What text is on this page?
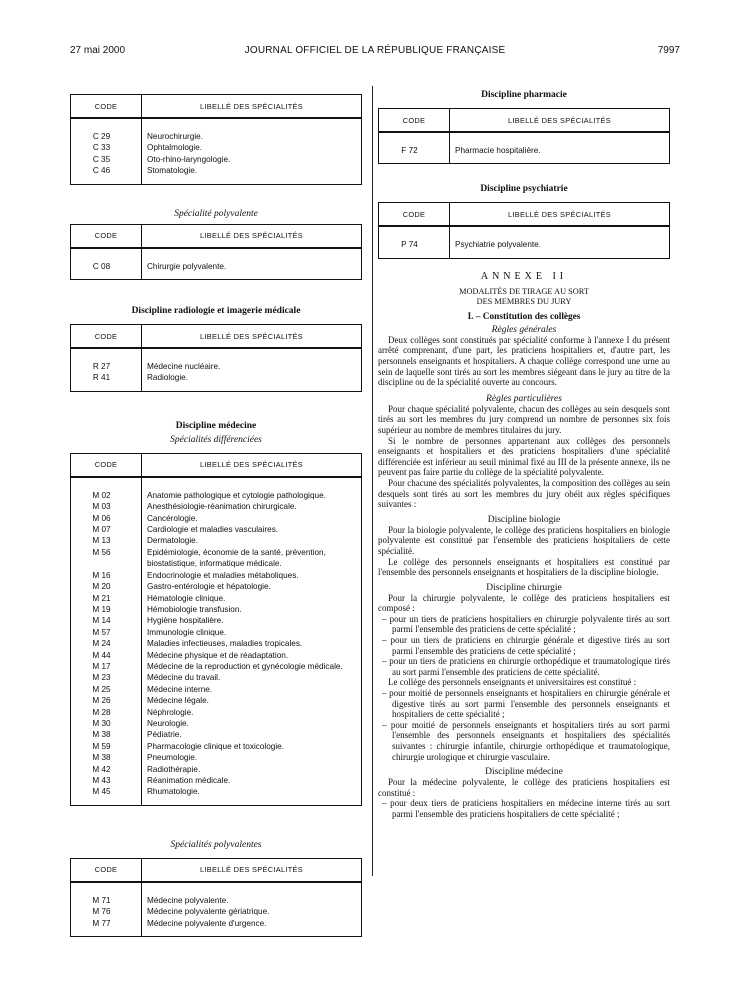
27 mai 2000	JOURNAL OFFICIEL DE LA RÉPUBLIQUE FRANÇAISE	7997
CODE	LIBELLÉ DES SPÉCIALITÉS

C 29	Neurochirurgie.
C 33	Ophtalmologie.
C 35	Oto-rhino-laryngologie.
C 46	Stomatologie.

Spécialité polyvalente
CODE	LIBELLÉ DES SPÉCIALITÉS

C 08	Chirurgie polyvalente.

Discipline radiologie et imagerie médicale
CODE	LIBELLÉ DES SPÉCIALITÉS

R 27	Médecine nucléaire.
R 41	Radiologie.

Discipline médecine
Spécialités différenciées
CODE	LIBELLÉ DES SPÉCIALITÉS

M 02	Anatomie pathologique et cytologie pathologique.
M 03	Anesthésiologie-réanimation chirurgicale.
M 06	Cancérologie.
M 07	Cardiologie et maladies vasculaires.
M 13	Dermatologie.
M 56	Epidémiologie, économie de la santé, prévention, biostatistique, informatique médicale.
M 16	Endocrinologie et maladies métaboliques.
M 20	Gastro-entérologie et hépatologie.
M 21	Hématologie clinique.
M 19	Hémobiologie transfusion.
M 14	Hygiène hospitalière.
M 57	Immunologie clinique.
M 24	Maladies infectieuses, maladies tropicales.
M 44	Médecine physique et de réadaptation.
M 17	Médecine de la reproduction et gynécologie médicale.
M 23	Médecine du travail.
M 25	Médecine interne.
M 26	Médecine légale.
M 28	Néphrologie.
M 30	Neurologie.
M 38	Pédiatrie.
M 59	Pharmacologie clinique et toxicologie.
M 38	Pneumologie.
M 42	Radiothérapie.
M 43	Réanimation médicale.
M 45	Rhumatologie.

Spécialités polyvalentes
CODE	LIBELLÉ DES SPÉCIALITÉS

M 71	Médecine polyvalente.
M 76	Médecine polyvalente gériatrique.
M 77	Médecine polyvalente d'urgence.

Discipline pharmacie
CODE	LIBELLÉ DES SPÉCIALITÉS

F 72	Pharmacie hospitalière.

Discipline psychiatrie
CODE	LIBELLÉ DES SPÉCIALITÉS

P 74	Psychiatrie polyvalente.

ANNEXE II
MODALITÉS DE TIRAGE AU SORT
DES MEMBRES DU JURY
I. – Constitution des collèges
Règles générales

Deux collèges sont constitués par spécialité conforme à l'annexe I du présent arrêté comprenant, d'une part, les praticiens hospitaliers et, d'autre part, les personnels enseignants et hospitaliers. A chaque collège correspond une urne au sein de laquelle sont tirés au sort les membres siégeant dans le jury au titre de la discipline ou de la spécialité ouverte au concours.

Règles particulières

Pour chaque spécialité polyvalente, chacun des collèges au sein desquels sont tirés au sort les membres du jury comprend un nombre de personnes six fois supérieur au nombre de membres titulaires du jury.

Si le nombre de personnes appartenant aux collèges des personnels enseignants et hospitaliers et des praticiens hospitaliers d'une spécialité différenciée est inférieur au seuil minimal fixé au III de la présente annexe, ils ne peuvent pas faire partie du collège de la spécialité polyvalente.

Pour chacune des spécialités polyvalentes, la composition des collèges au sein desquels sont tirés au sort les membres du jury obéit aux règles spécifiques suivantes :

Discipline biologie

Pour la biologie polyvalente, le collège des praticiens hospitaliers en biologie polyvalente est constitué par l'ensemble des praticiens hospitaliers de cette spécialité.

Le collège des personnels enseignants et hospitaliers est constitué par l'ensemble des personnels enseignants et hospitaliers de la discipline biologie.

Discipline chirurgie

Pour la chirurgie polyvalente, le collège des praticiens hospitaliers est composé :

– pour un tiers de praticiens hospitaliers en chirurgie polyvalente tirés au sort parmi l'ensemble des praticiens de cette spécialité ;

– pour un tiers de praticiens en chirurgie générale et digestive tirés au sort parmi l'ensemble des praticiens de cette spécialité ;

– pour un tiers de praticiens en chirurgie orthopédique et traumatologique tirés au sort parmi l'ensemble des praticiens de cette spécialité.

Le collège des personnels enseignants et universitaires est constitué :

– pour moitié de personnels enseignants et hospitaliers en chirurgie générale et digestive tirés au sort parmi l'ensemble des personnels enseignants et hospitaliers de cette spécialité ;

– pour moitié de personnels enseignants et hospitaliers tirés au sort parmi l'ensemble des personnels enseignants et hospitaliers des spécialités suivantes : chirurgie infantile, chirurgie orthopédique et traumatologique, chirurgie urologique et chirurgie vasculaire.

Discipline médecine

Pour la médecine polyvalente, le collège des praticiens hospitaliers est constitué :

– pour deux tiers de praticiens hospitaliers en médecine interne tirés au sort parmi l'ensemble des praticiens hospitaliers de cette spécialité ;
